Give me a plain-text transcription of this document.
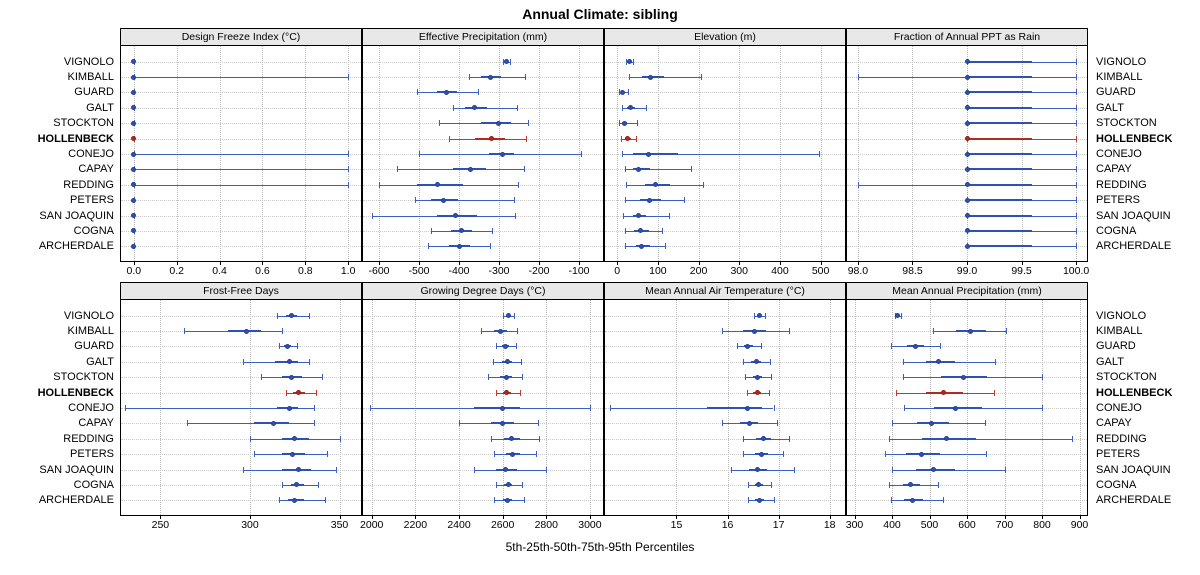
Annual Climate: sibling
5th-25th-50th-75th-95th Percentiles
Design Freeze Index (°C)
0.0	0.2	0.4	0.6	0.8	1.0
Effective Precipitation (mm)
-600 -500 -400 -300 -200 -100
Elevation (m)
0	100 200 300 400 500
Fraction of Annual PPT as Rain
98.0	98.5	99.0	99.5	100.0
Frost-Free Days
250	300	350
Growing Degree Days (°C)
2000 2200 2400 2600 2800 3000
Mean Annual Air Temperature (°C)
15	16	17	18
Mean Annual Precipitation (mm)
300 400 500 600 700 800 900
VIGNOLO
KIMBALL
GUARD
GALT
STOCKTON
HOLLENBECK
CONEJO
CAPAY
REDDING
PETERS
SAN JOAQUIN
COGNA
ARCHERDALE
VIGNOLO
KIMBALL
GUARD
GALT
STOCKTON
HOLLENBECK
CONEJO
CAPAY
REDDING
PETERS
SAN JOAQUIN
COGNA
ARCHERDALE
VIGNOLO
KIMBALL
GUARD
GALT
STOCKTON
HOLLENBECK
CONEJO
CAPAY
REDDING
PETERS
SAN JOAQUIN
COGNA
ARCHERDALE
VIGNOLO
KIMBALL
GUARD
GALT
STOCKTON
HOLLENBECK
CONEJO
CAPAY
REDDING
PETERS
SAN JOAQUIN
COGNA
ARCHERDALE
